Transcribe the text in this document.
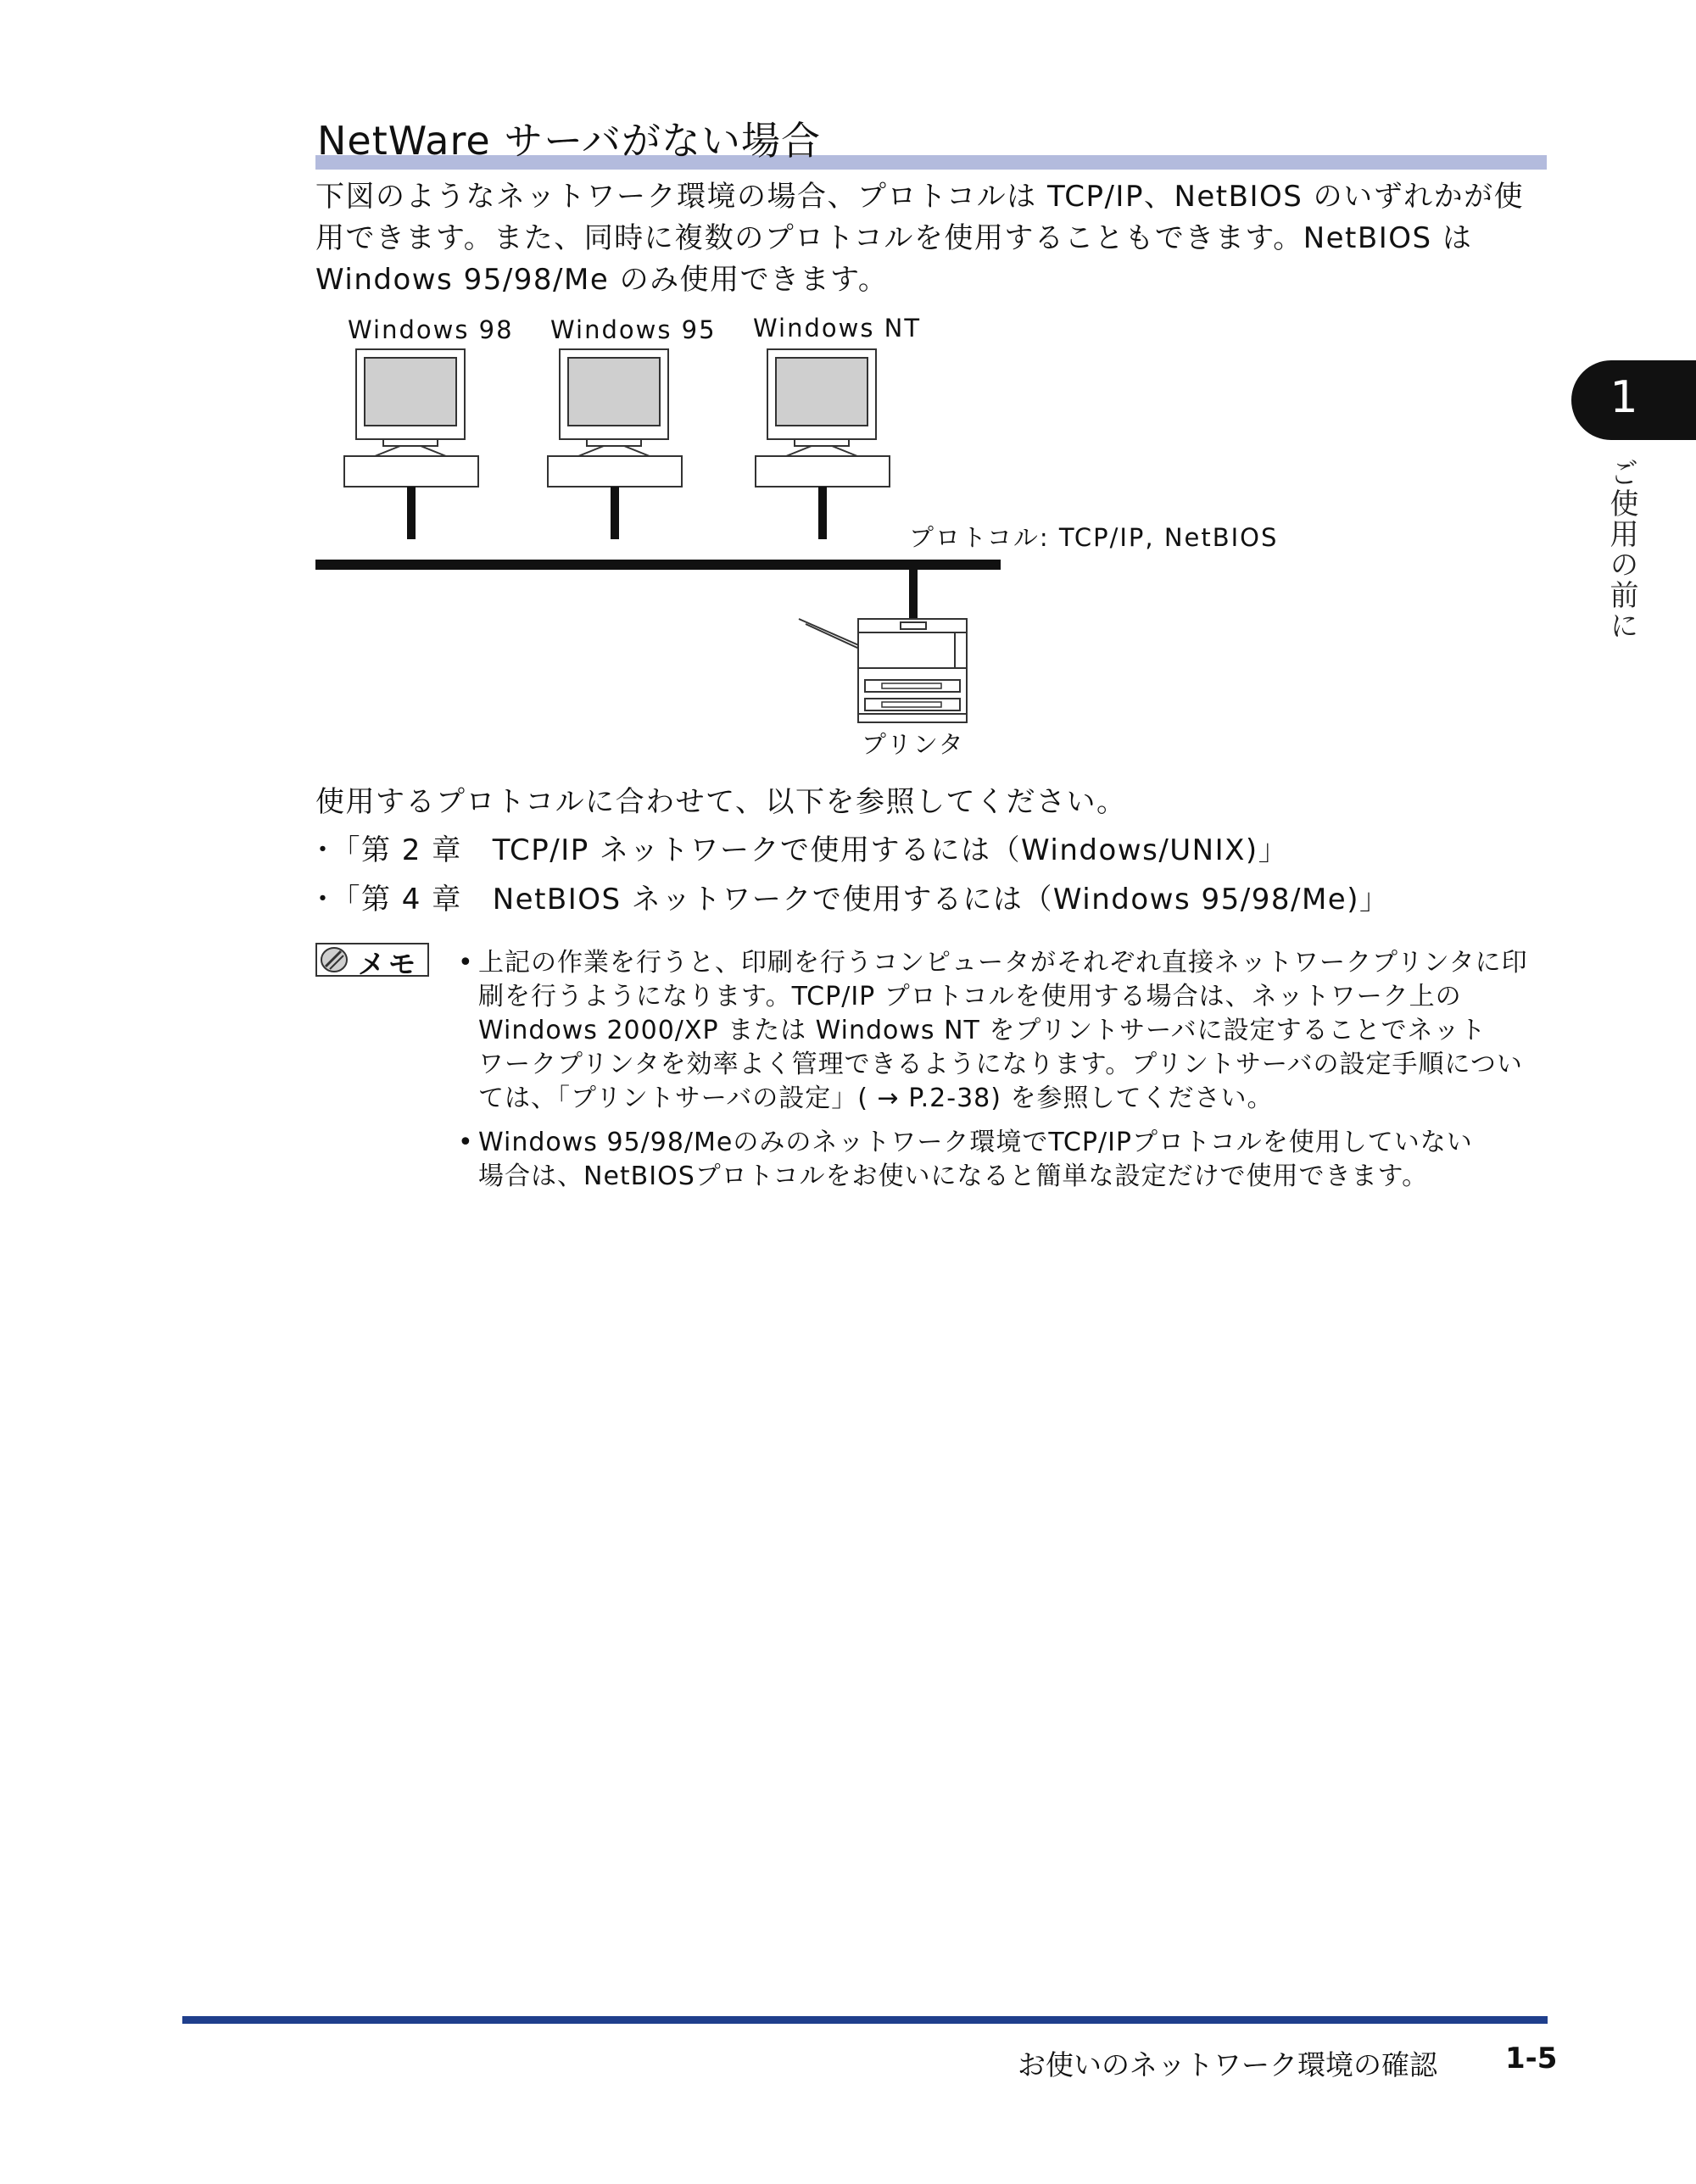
NetWare サーバがない場合
下図のようなネットワーク環境の場合、プロトコルは TCP/IP、NetBIOS のいずれかが使
用できます。また、同時に複数のプロトコルを使用することもできます。NetBIOS は
Windows 95/98/Me のみ使用できます。
Windows 98 Windows 95 Windows NT
プロトコル: TCP/IP, NetBIOS
プリンタ
使用するプロトコルに合わせて、以下を参照してください。
･「第 2 章 TCP/IP ネットワークで使用するには（Windows/UNIX)」
･「第 4 章 NetBIOS ネットワークで使用するには（Windows 95/98/Me)」
メモ • 上記の作業を行うと、印刷を行うコンピュータがそれぞれ直接ネットワークプリンタに印
刷を行うようになります。TCP/IP プロトコルを使用する場合は、ネットワーク上の
Windows 2000/XP または Windows NT をプリントサーバに設定することでネット
ワークプリンタを効率よく管理できるようになります。プリントサーバの設定手順につい
ては、「プリントサーバの設定」( → P.2-38) を参照してください。
• Windows 95/98/Meのみのネットワーク環境でTCP/IPプロトコルを使用していない
場合は、NetBIOSプロトコルをお使いになると簡単な設定だけで使用できます。
1
ご使用の前に
お使いのネットワーク環境の確認 1-5
